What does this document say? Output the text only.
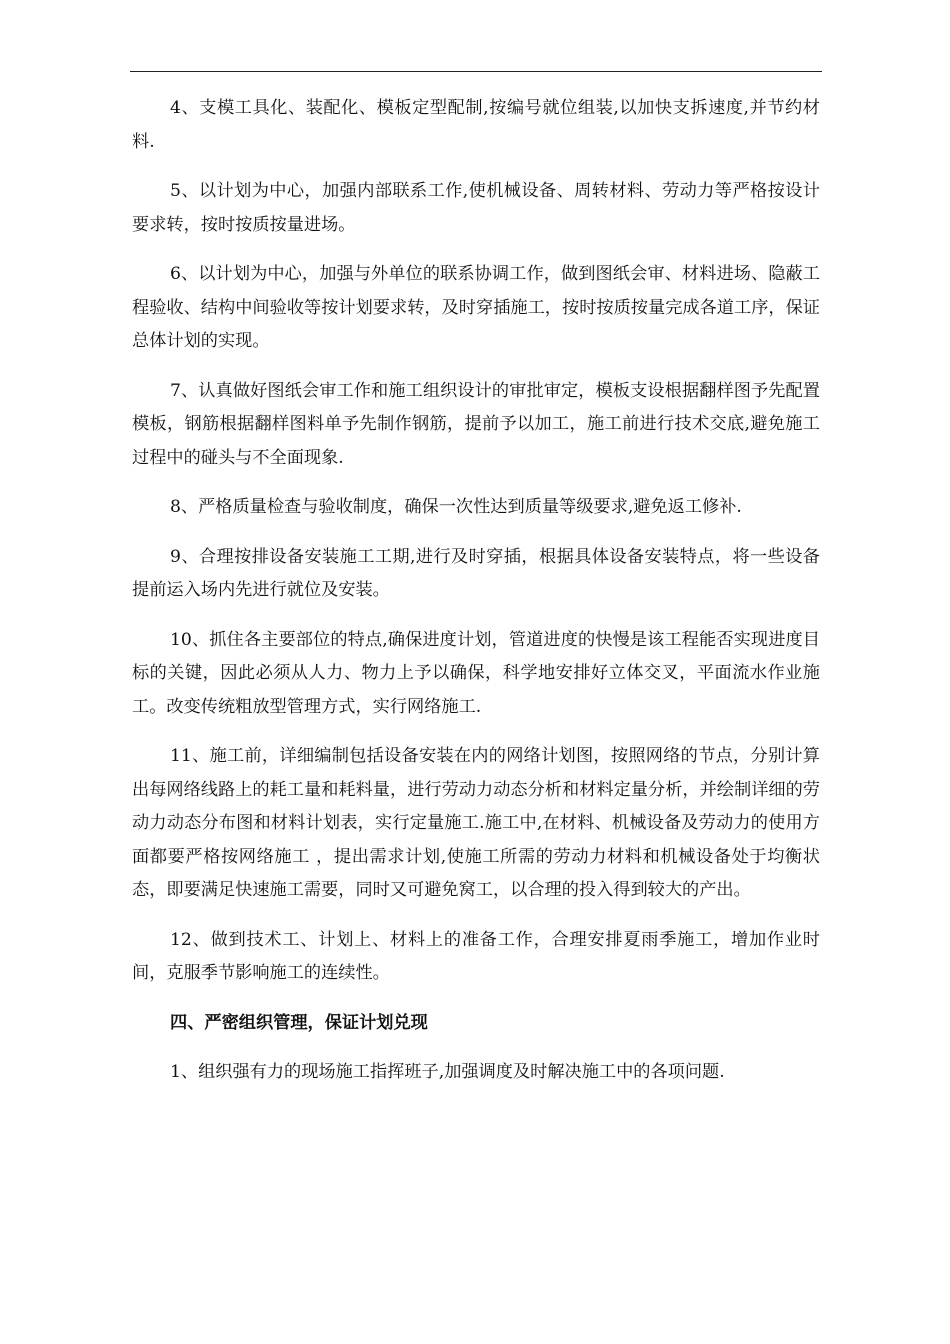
4、支模工具化、装配化、模板定型配制,按编号就位组装,以加快支拆速度,并节约材料.

5、以计划为中心，加强内部联系工作,使机械设备、周转材料、劳动力等严格按设计要求转，按时按质按量进场。

6、以计划为中心，加强与外单位的联系协调工作，做到图纸会审、材料进场、隐蔽工程验收、结构中间验收等按计划要求转，及时穿插施工，按时按质按量完成各道工序，保证总体计划的实现。

7、认真做好图纸会审工作和施工组织设计的审批审定，模板支设根据翻样图予先配置模板，钢筋根据翻样图料单予先制作钢筋，提前予以加工，施工前进行技术交底,避免施工过程中的碰头与不全面现象.

8、严格质量检查与验收制度，确保一次性达到质量等级要求,避免返工修补.

9、合理按排设备安装施工工期,进行及时穿插，根据具体设备安装特点，将一些设备提前运入场内先进行就位及安装。

10、抓住各主要部位的特点,确保进度计划，管道进度的快慢是该工程能否实现进度目标的关键，因此必须从人力、物力上予以确保，科学地安排好立体交叉，平面流水作业施工。改变传统粗放型管理方式，实行网络施工.

11、施工前，详细编制包括设备安装在内的网络计划图，按照网络的节点，分别计算出每网络线路上的耗工量和耗料量，进行劳动力动态分析和材料定量分析，并绘制详细的劳动力动态分布图和材料计划表，实行定量施工.施工中,在材料、机械设备及劳动力的使用方面都要严格按网络施工 ，提出需求计划,使施工所需的劳动力材料和机械设备处于均衡状态，即要满足快速施工需要，同时又可避免窝工，以合理的投入得到较大的产出。

12、做到技术工、计划上、材料上的准备工作，合理安排夏雨季施工，增加作业时间，克服季节影响施工的连续性。

四、严密组织管理，保证计划兑现

1、组织强有力的现场施工指挥班子,加强调度及时解决施工中的各项问题.
